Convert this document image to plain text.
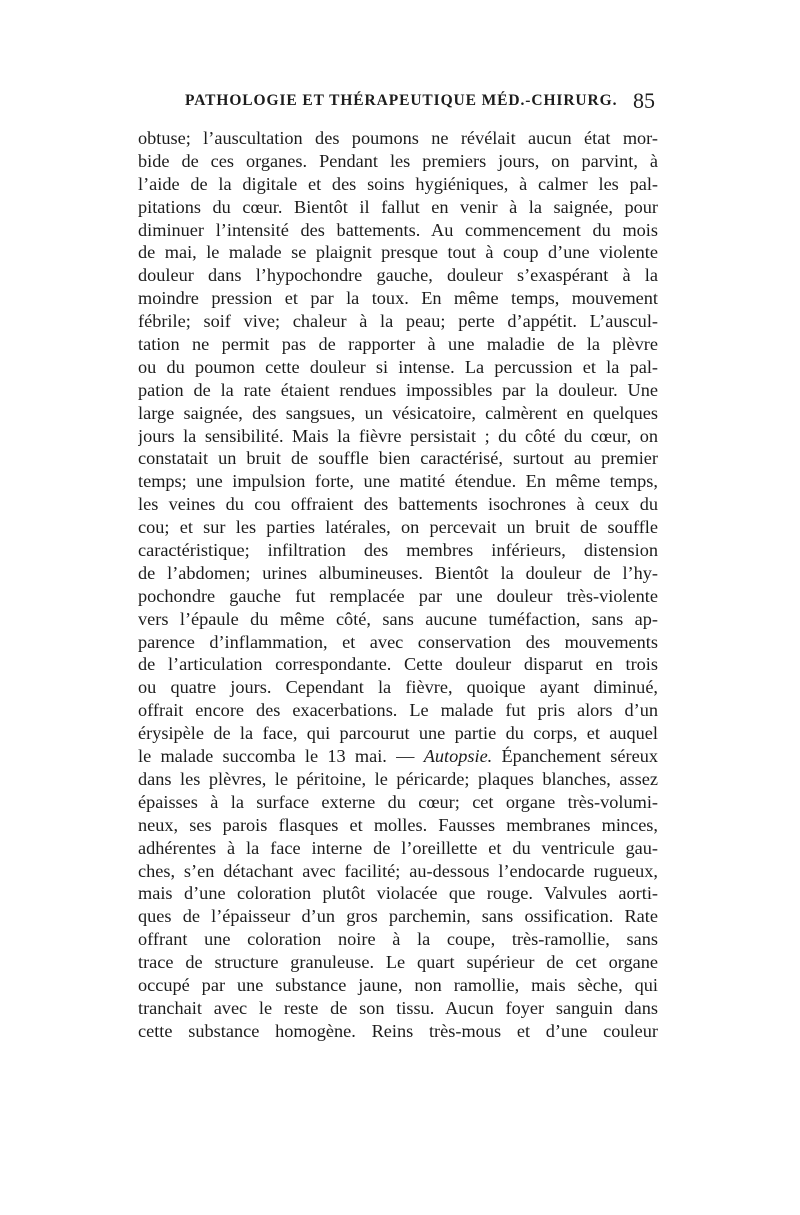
PATHOLOGIE ET THÉRAPEUTIQUE MÉD.-CHIRURG. 85
obtuse; l’auscultation des poumons ne révélait aucun état mor-
bide de ces organes. Pendant les premiers jours, on parvint, à
l’aide de la digitale et des soins hygiéniques, à calmer les pal-
pitations du cœur. Bientôt il fallut en venir à la saignée, pour
diminuer l’intensité des battements. Au commencement du mois
de mai, le malade se plaignit presque tout à coup d’une violente
douleur dans l’hypochondre gauche, douleur s’exaspérant à la
moindre pression et par la toux. En même temps, mouvement
fébrile; soif vive; chaleur à la peau; perte d’appétit. L’auscul-
tation ne permit pas de rapporter à une maladie de la plèvre
ou du poumon cette douleur si intense. La percussion et la pal-
pation de la rate étaient rendues impossibles par la douleur. Une
large saignée, des sangsues, un vésicatoire, calmèrent en quelques
jours la sensibilité. Mais la fièvre persistait ; du côté du cœur, on
constatait un bruit de souffle bien caractérisé, surtout au premier
temps; une impulsion forte, une matité étendue. En même temps,
les veines du cou offraient des battements isochrones à ceux du
cou; et sur les parties latérales, on percevait un bruit de souffle
caractéristique; infiltration des membres inférieurs, distension
de l’abdomen; urines albumineuses. Bientôt la douleur de l’hy-
pochondre gauche fut remplacée par une douleur très-violente
vers l’épaule du même côté, sans aucune tuméfaction, sans ap-
parence d’inflammation, et avec conservation des mouvements
de l’articulation correspondante. Cette douleur disparut en trois
ou quatre jours. Cependant la fièvre, quoique ayant diminué,
offrait encore des exacerbations. Le malade fut pris alors d’un
érysipèle de la face, qui parcourut une partie du corps, et auquel
le malade succomba le 13 mai. — Autopsie. Épanchement séreux
dans les plèvres, le péritoine, le péricarde; plaques blanches, assez
épaisses à la surface externe du cœur; cet organe très-volumi-
neux, ses parois flasques et molles. Fausses membranes minces,
adhérentes à la face interne de l’oreillette et du ventricule gau-
ches, s’en détachant avec facilité; au-dessous l’endocarde rugueux,
mais d’une coloration plutôt violacée que rouge. Valvules aorti-
ques de l’épaisseur d’un gros parchemin, sans ossification. Rate
offrant une coloration noire à la coupe, très-ramollie, sans
trace de structure granuleuse. Le quart supérieur de cet organe
occupé par une substance jaune, non ramollie, mais sèche, qui
tranchait avec le reste de son tissu. Aucun foyer sanguin dans
cette substance homogène. Reins très-mous et d’une couleur
